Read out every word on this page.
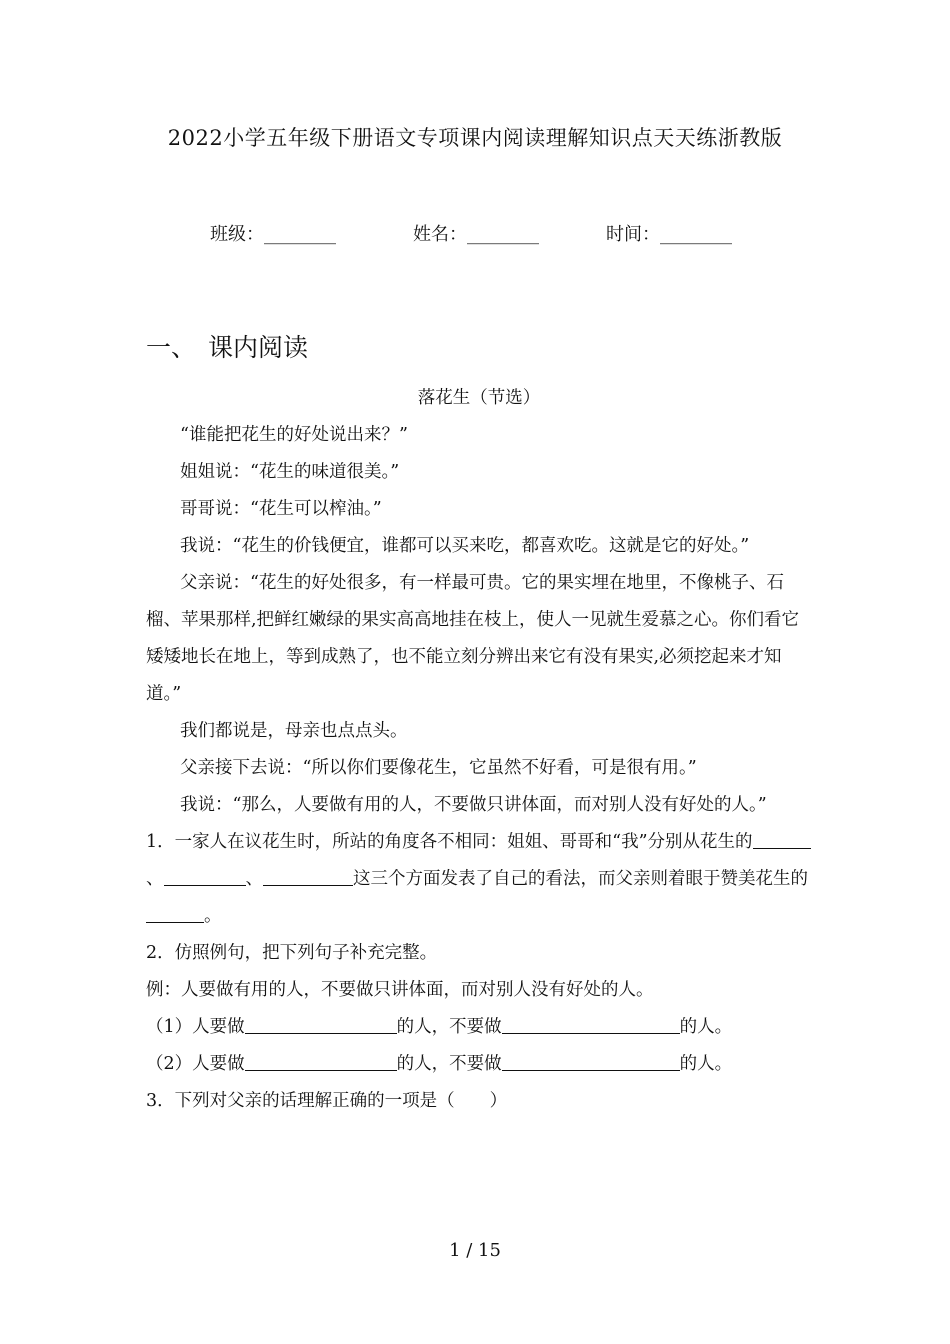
2022小学五年级下册语文专项课内阅读理解知识点天天练浙教版
班级：________	姓名：________	时间：________
一、 课内阅读

落花生（节选）

“谁能把花生的好处说出来？”

姐姐说：“花生的味道很美。”

哥哥说：“花生可以榨油。”

我说：“花生的价钱便宜，谁都可以买来吃，都喜欢吃。这就是它的好处。”

父亲说：“花生的好处很多，有一样最可贵。它的果实埋在地里，不像桃子、石榴、苹果那样,把鲜红嫩绿的果实高高地挂在枝上，使人一见就生爱慕之心。你们看它矮矮地长在地上，等到成熟了，也不能立刻分辨出来它有没有果实,必须挖起来才知道。”

我们都说是，母亲也点点头。

父亲接下去说：“所以你们要像花生，它虽然不好看，可是很有用。”

我说：“那么，人要做有用的人，不要做只讲体面，而对别人没有好处的人。”

1．一家人在议花生时，所站的角度各不相同：姐姐、哥哥和“我”分别从花生的、	、	这三个方面发表了自己的看法，而父亲则着眼于赞美花生的。

2．仿照例句，把下列句子补充完整。

例：人要做有用的人，不要做只讲体面，而对别人没有好处的人。

（1）人要做	的人，不要做	的人。

（2）人要做	的人，不要做	的人。

3．下列对父亲的话理解正确的一项是（　　）

1 / 15
